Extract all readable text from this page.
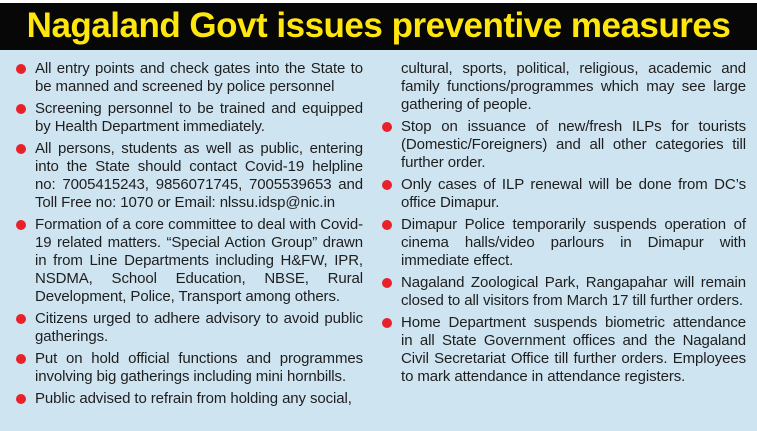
Nagaland Govt issues preventive measures
All entry points and check gates into the State to be manned and screened by police personnel
Screening personnel to be trained and equipped by Health Department immediately.
All persons, students as well as public, entering into the State should contact Covid-19 helpline no: 7005415243, 9856071745, 7005539653 and Toll Free no: 1070 or Email: nlssu.idsp@nic.in
Formation of a core committee to deal with Covid-19 related matters. “Special Action Group” drawn in from Line Departments including H&FW, IPR, NSDMA, School Education, NBSE, Rural Development, Police, Transport among others.
Citizens urged to adhere advisory to avoid public gatherings.
Put on hold official functions and programmes involving big gatherings including mini hornbills.
Public advised to refrain from holding any social,
cultural, sports, political, religious, academic and family functions/programmes which may see large gathering of people.
Stop on issuance of new/fresh ILPs for tourists (Domestic/Foreigners) and all other categories till further order.
Only cases of ILP renewal will be done from DC’s office Dimapur.
Dimapur Police temporarily suspends operation of cinema halls/video parlours in Dimapur with immediate effect.
Nagaland Zoological Park, Rangapahar will remain closed to all visitors from March 17 till further orders.
Home Department suspends biometric attendance in all State Government offices and the Nagaland Civil Secretariat Office till further orders. Employees to mark attendance in attendance registers.
